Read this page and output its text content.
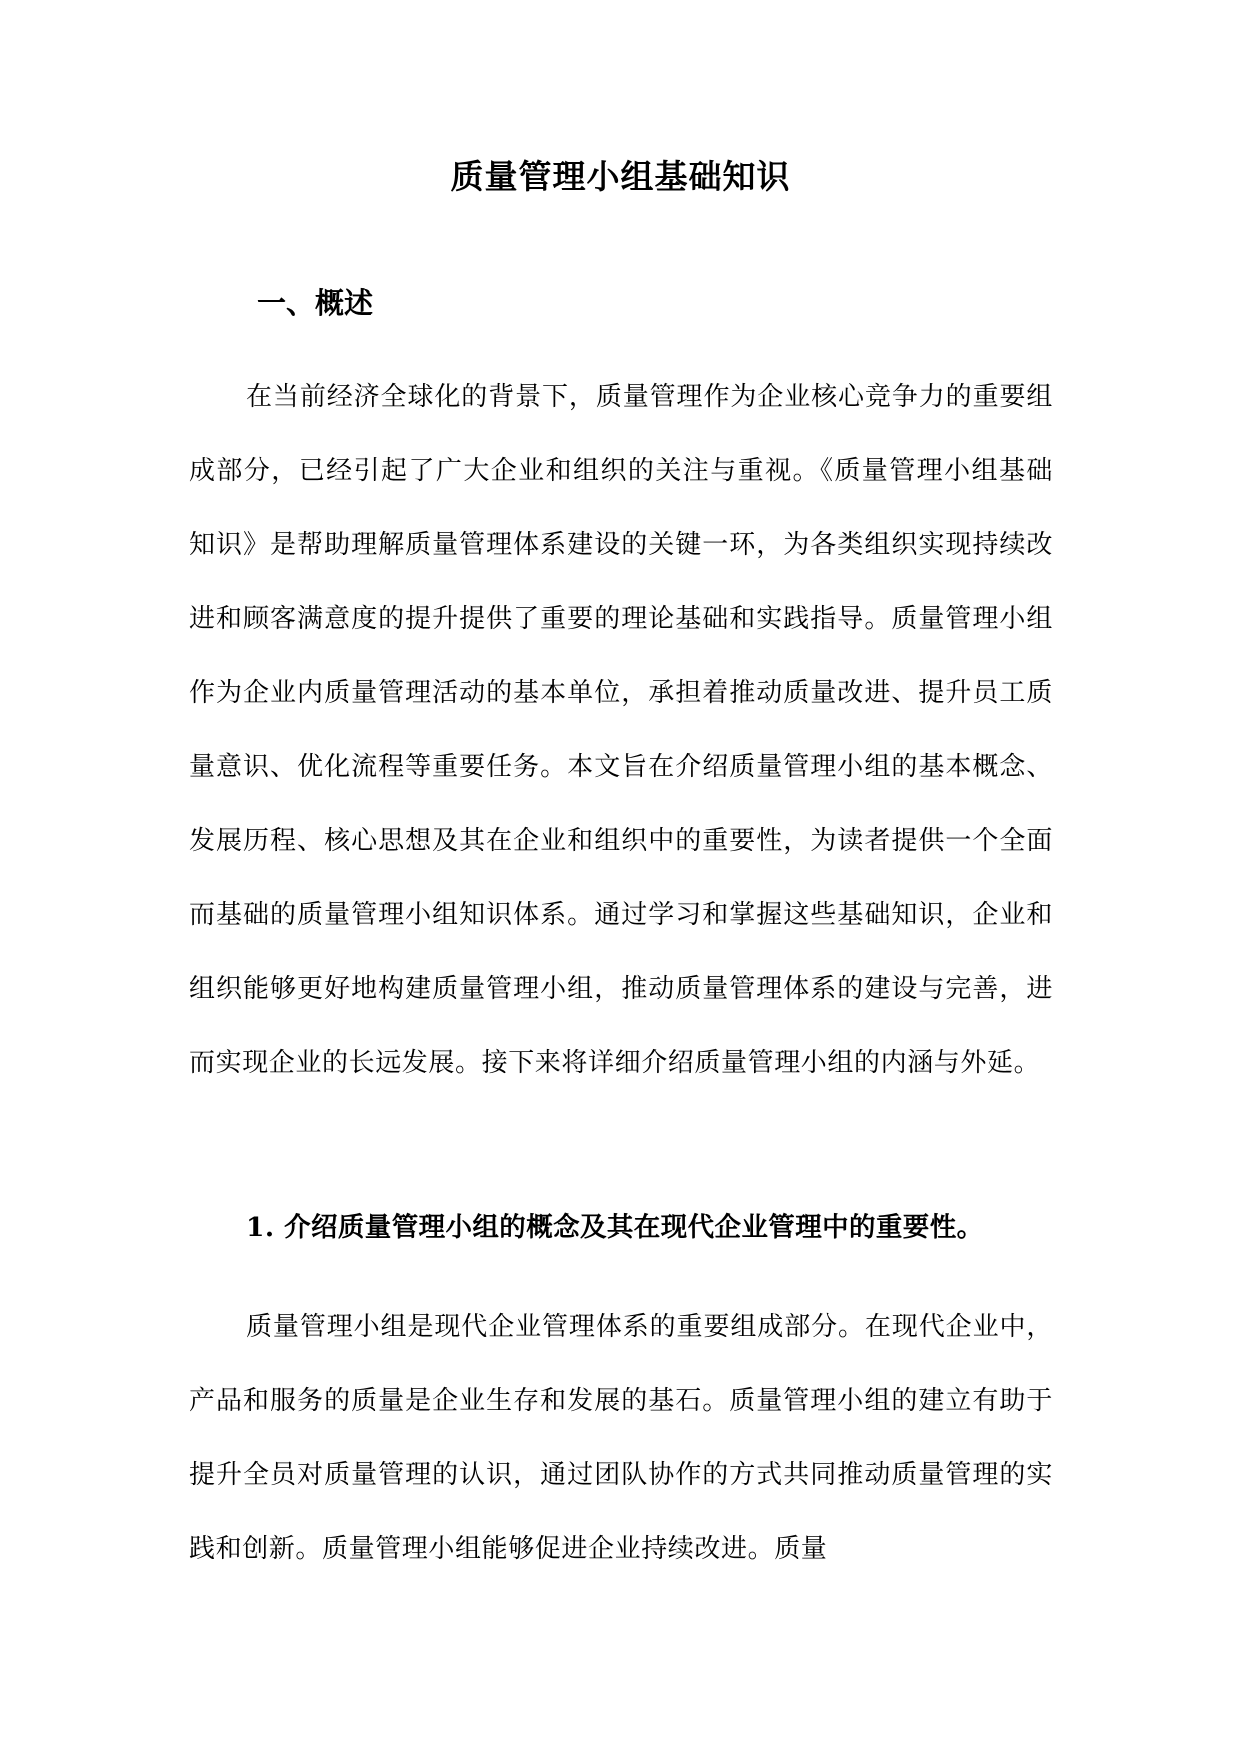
质量管理小组基础知识
一、概述

在当前经济全球化的背景下，质量管理作为企业核心竞争力的重要组成部分，已经引起了广大企业和组织的关注与重视。《质量管理小组基础知识》是帮助理解质量管理体系建设的关键一环，为各类组织实现持续改进和顾客满意度的提升提供了重要的理论基础和实践指导。质量管理小组作为企业内质量管理活动的基本单位，承担着推动质量改进、提升员工质量意识、优化流程等重要任务。本文旨在介绍质量管理小组的基本概念、发展历程、核心思想及其在企业和组织中的重要性，为读者提供一个全面而基础的质量管理小组知识体系。通过学习和掌握这些基础知识，企业和组织能够更好地构建质量管理小组，推动质量管理体系的建设与完善，进而实现企业的长远发展。接下来将详细介绍质量管理小组的内涵与外延。

1. 介绍质量管理小组的概念及其在现代企业管理中的重要性。

质量管理小组是现代企业管理体系的重要组成部分。在现代企业中，产品和服务的质量是企业生存和发展的基石。质量管理小组的建立有助于提升全员对质量管理的认识，通过团队协作的方式共同推动质量管理的实践和创新。质量管理小组能够促进企业持续改进。质量
